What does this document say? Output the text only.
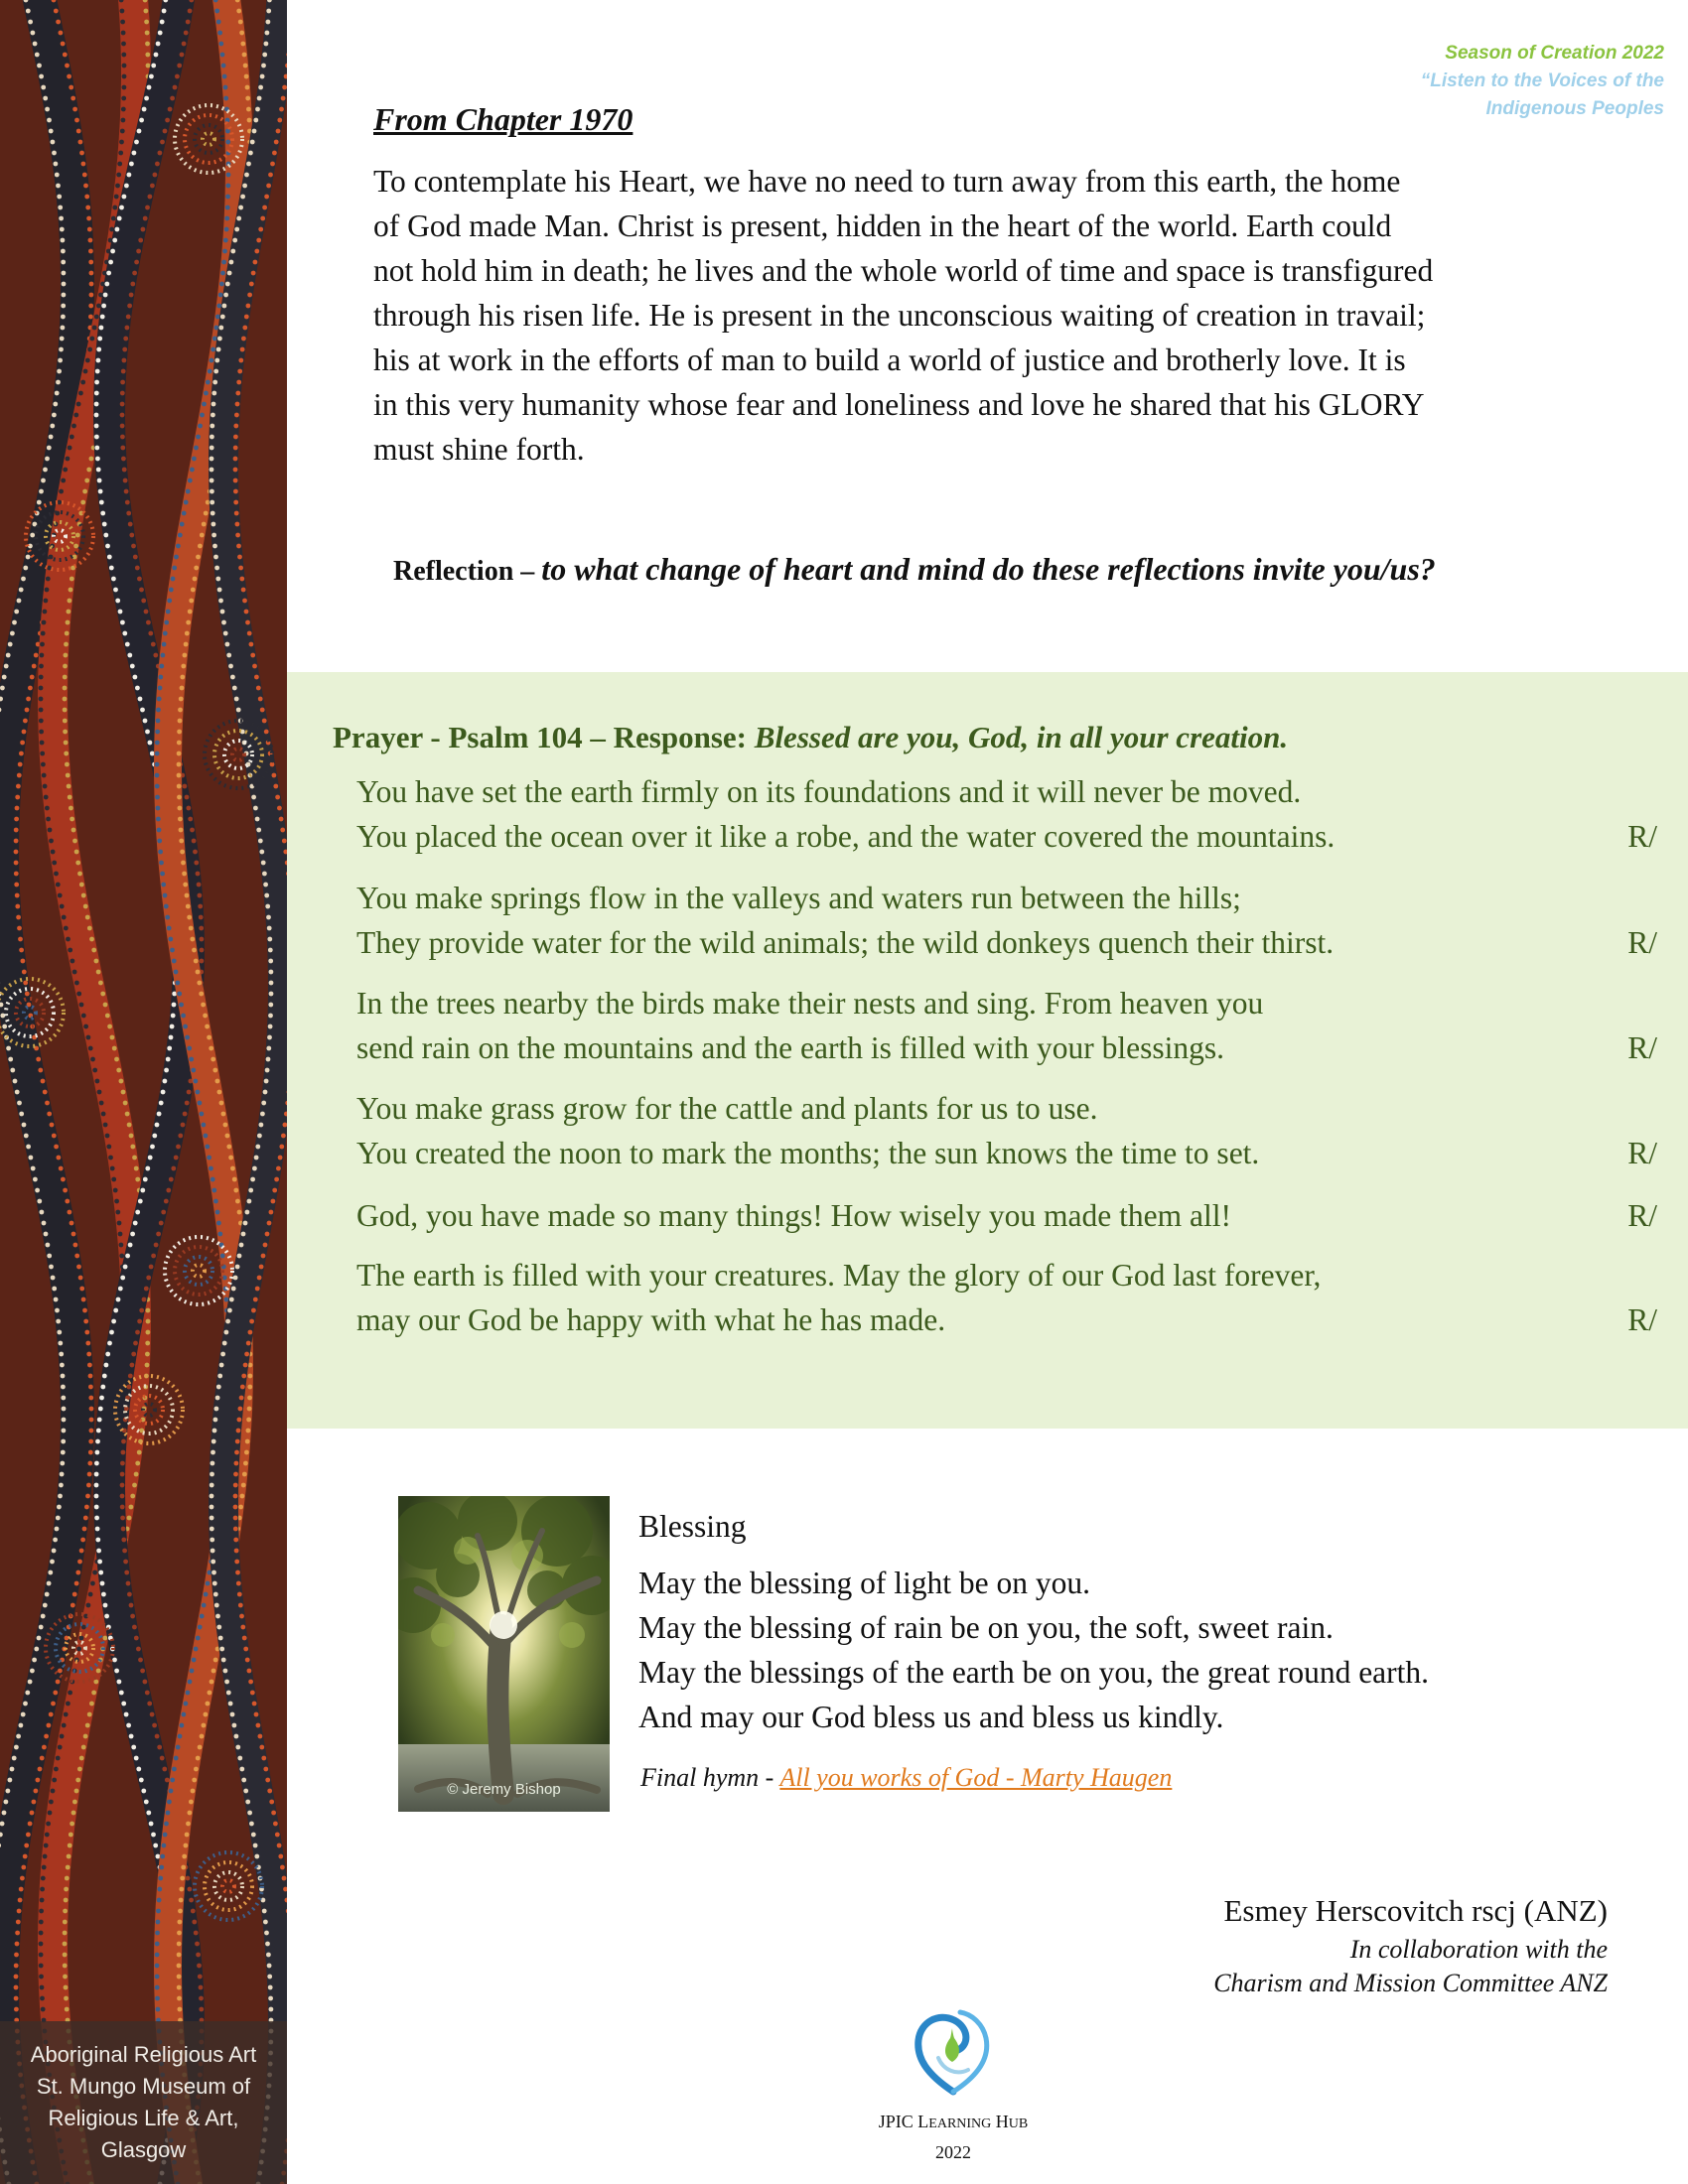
Aboriginal Religious Art
St. Mungo Museum of
Religious Life & Art,
Glasgow
Season of Creation 2022
“Listen to the Voices of the
Indigenous Peoples
From Chapter 1970
To contemplate his Heart, we have no need to turn away from this earth, the home
of God made Man. Christ is present, hidden in the heart of the world. Earth could
not hold him in death; he lives and the whole world of time and space is transfigured
through his risen life. He is present in the unconscious waiting of creation in travail;
his at work in the efforts of man to build a world of justice and brotherly love. It is
in this very humanity whose fear and loneliness and love he shared that his GLORY
must shine forth.
Reflection – to what change of heart and mind do these reflections invite you/us?
Prayer - Psalm 104 – Response: Blessed are you, God, in all your creation.
You have set the earth firmly on its foundations and it will never be moved.
You placed the ocean over it like a robe, and the water covered the mountains.	R/
You make springs flow in the valleys and waters run between the hills;
They provide water for the wild animals; the wild donkeys quench their thirst.	R/
In the trees nearby the birds make their nests and sing. From heaven you
send rain on the mountains and the earth is filled with your blessings.	R/
You make grass grow for the cattle and plants for us to use.
You created the noon to mark the months; the sun knows the time to set.	R/
God, you have made so many things! How wisely you made them all!	R/
The earth is filled with your creatures. May the glory of our God last forever,
may our God be happy with what he has made.	R/
© Jeremy Bishop
Blessing
May the blessing of light be on you.
May the blessing of rain be on you, the soft, sweet rain.
May the blessings of the earth be on you, the great round earth.
And may our God bless us and bless us kindly.
Final hymn - All you works of God - Marty Haugen
Esmey Herscovitch rscj (ANZ)
In collaboration with the
Charism and Mission Committee ANZ
JPIC LEARNING HUB
2022
